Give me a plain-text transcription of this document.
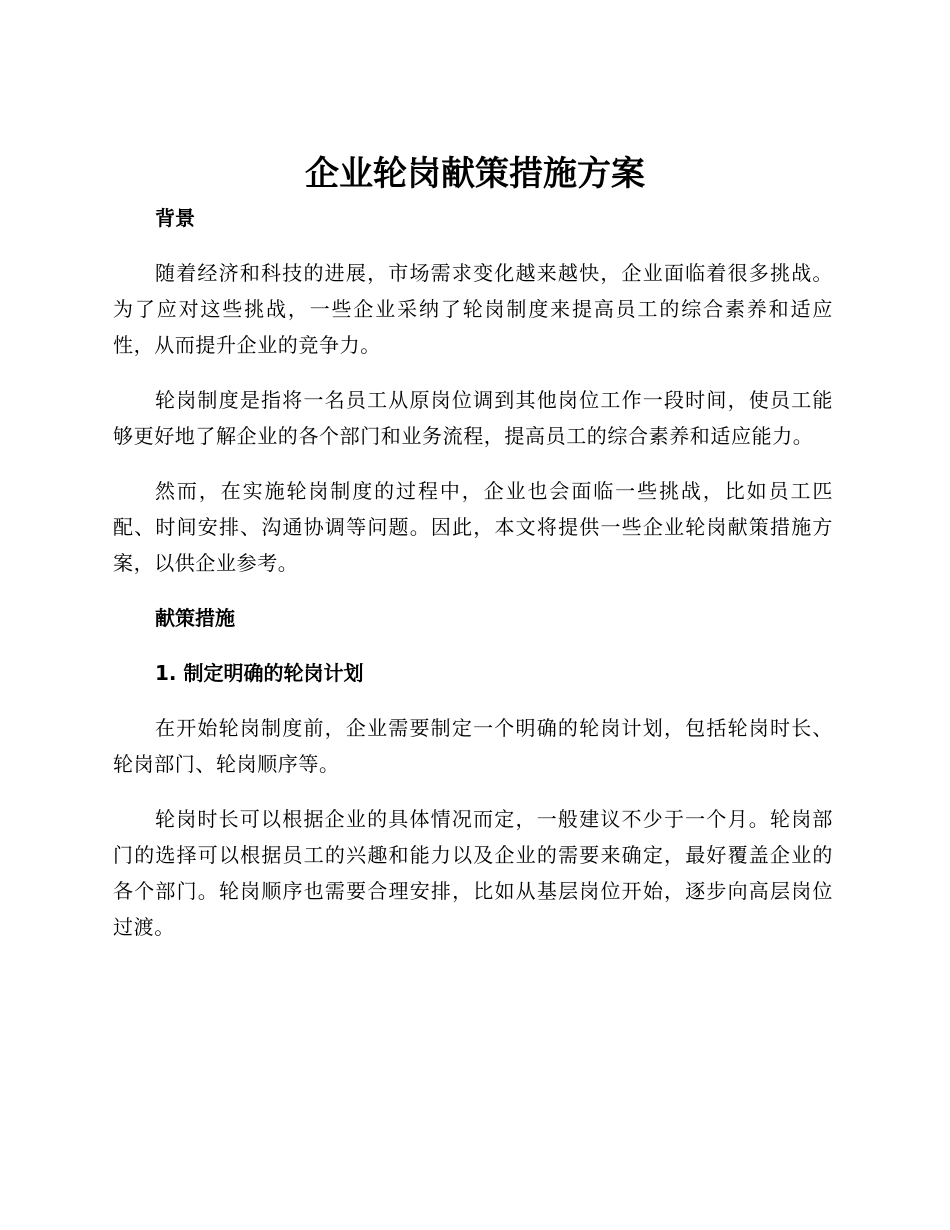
企业轮岗献策措施方案
背景

随着经济和科技的进展，市场需求变化越来越快，企业面临着很多挑战。为了应对这些挑战，一些企业采纳了轮岗制度来提高员工的综合素养和适应性，从而提升企业的竞争力。

轮岗制度是指将一名员工从原岗位调到其他岗位工作一段时间，使员工能够更好地了解企业的各个部门和业务流程，提高员工的综合素养和适应能力。

然而，在实施轮岗制度的过程中，企业也会面临一些挑战，比如员工匹配、时间安排、沟通协调等问题。因此，本文将提供一些企业轮岗献策措施方案，以供企业参考。

献策措施
1. 制定明确的轮岗计划

在开始轮岗制度前，企业需要制定一个明确的轮岗计划，包括轮岗时长、轮岗部门、轮岗顺序等。

轮岗时长可以根据企业的具体情况而定，一般建议不少于一个月。轮岗部门的选择可以根据员工的兴趣和能力以及企业的需要来确定，最好覆盖企业的各个部门。轮岗顺序也需要合理安排，比如从基层岗位开始，逐步向高层岗位过渡。
